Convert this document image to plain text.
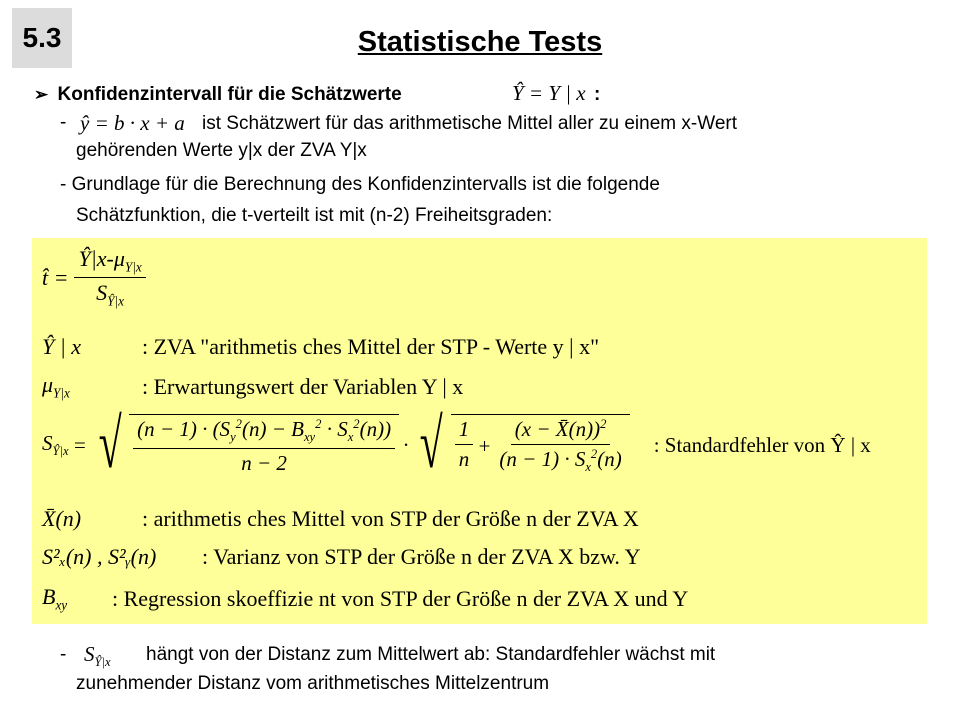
5.3	Statistische Tests
➢ Konfidenzintervall für die Schätzwerte	Ŷ = Y | x :
- ŷ = b · x + a ist Schätzwert für das arithmetische Mittel aller zu einem x-Wert
gehörenden Werte y|x der ZVA Y|x
- Grundlage für die Berechnung des Konfidenzintervalls ist die folgende
Schätzfunktion, die t-verteilt ist mit (n-2) Freiheitsgraden:
t̂ = $\frac{Ŷ|x-\mu_{Y|x}}{S_{Ŷ|x}}$
Ŷ | x	: ZVA "arithmetis ches Mittel der STP - Werte y | x"
$\mu_{Y|x}$	: Erwartungswert der Variablen Y | x
$S_{Ŷ|x}$ = √ $\frac{(n - 1) \cdot (S_y^2(n) - B_{xy}^2 \cdot S_x^2(n))}{n - 2}$ · √ $\frac{1}{n} + \frac{(x - X̄(n))^2}{(n - 1) \cdot S_x^2(n)}$ : Standardfehler von Ŷ | x
X̄(n)	: arithmetis ches Mittel von STP der Größe n der ZVA X
S²ₓ(n) , S²ᵧ(n)	: Varianz von STP der Größe n der ZVA X bzw. Y
$B_{xy}$	: Regression skoeffizie nt von STP der Größe n der ZVA X und Y
- $S_{Ŷ|x}$ hängt von der Distanz zum Mittelwert ab: Standardfehler wächst mit
zunehmender Distanz vom arithmetisches Mittelzentrum
